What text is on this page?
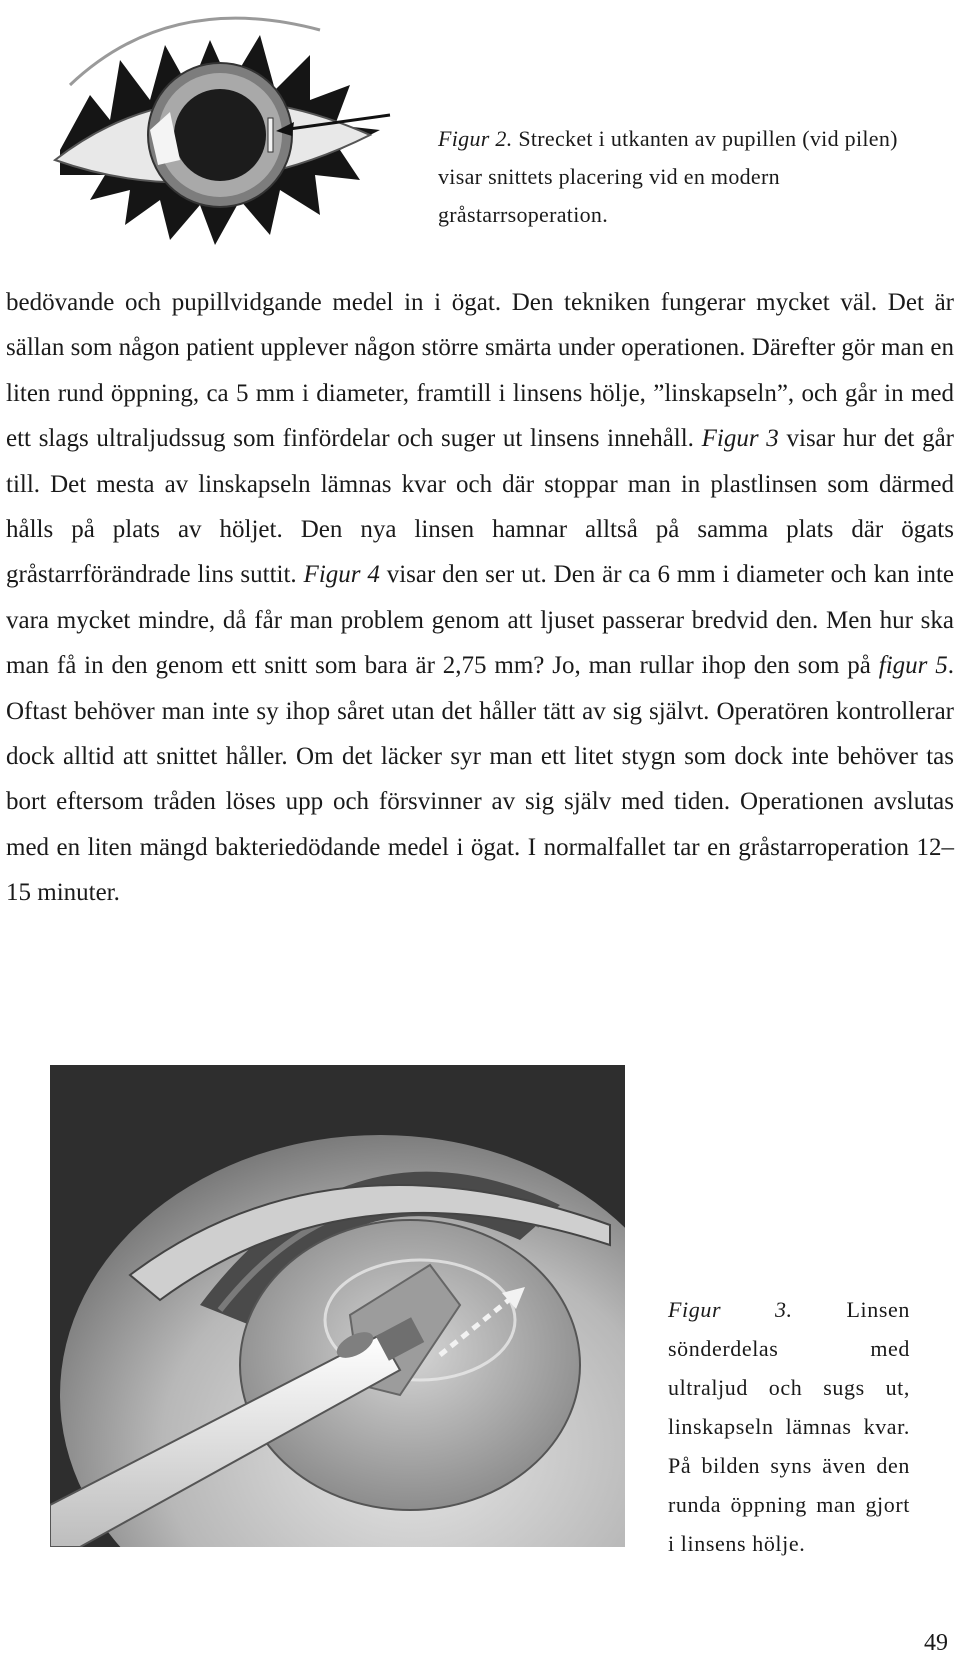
Figur 2. Strecket i utkanten av pupillen (vid pilen) visar snittets placering vid en modern gråstarrsoperation.

bedövande och pupillvidgande medel in i ögat. Den tekniken fungerar mycket väl. Det är sällan som någon patient upplever någon större smärta under operationen. Därefter gör man en liten rund öppning, ca 5 mm i diameter, framtill i linsens hölje, ”linskapseln”, och går in med ett slags ultraljudssug som finfördelar och suger ut linsens innehåll. Figur 3 visar hur det går till. Det mesta av linskapseln lämnas kvar och där stoppar man in plastlinsen som därmed hålls på plats av höljet. Den nya linsen hamnar alltså på samma plats där ögats gråstarrförändrade lins suttit. Figur 4 visar den ser ut. Den är ca 6 mm i diameter och kan inte vara mycket mindre, då får man problem genom att ljuset passerar bredvid den. Men hur ska man få in den genom ett snitt som bara är 2,75 mm? Jo, man rullar ihop den som på figur 5. Oftast behöver man inte sy ihop såret utan det håller tätt av sig självt. Operatören kontrollerar dock alltid att snittet håller. Om det läcker syr man ett litet stygn som dock inte behöver tas bort eftersom tråden löses upp och försvinner av sig själv med tiden. Operationen avslutas med en liten mängd bakteriedödande medel i ögat. I normalfallet tar en gråstarroperation 12–15 minuter.

Figur 3. Linsen sönderdelas med ultraljud och sugs ut, linskapseln lämnas kvar. På bilden syns även den runda öppning man gjort i linsens hölje.
49
